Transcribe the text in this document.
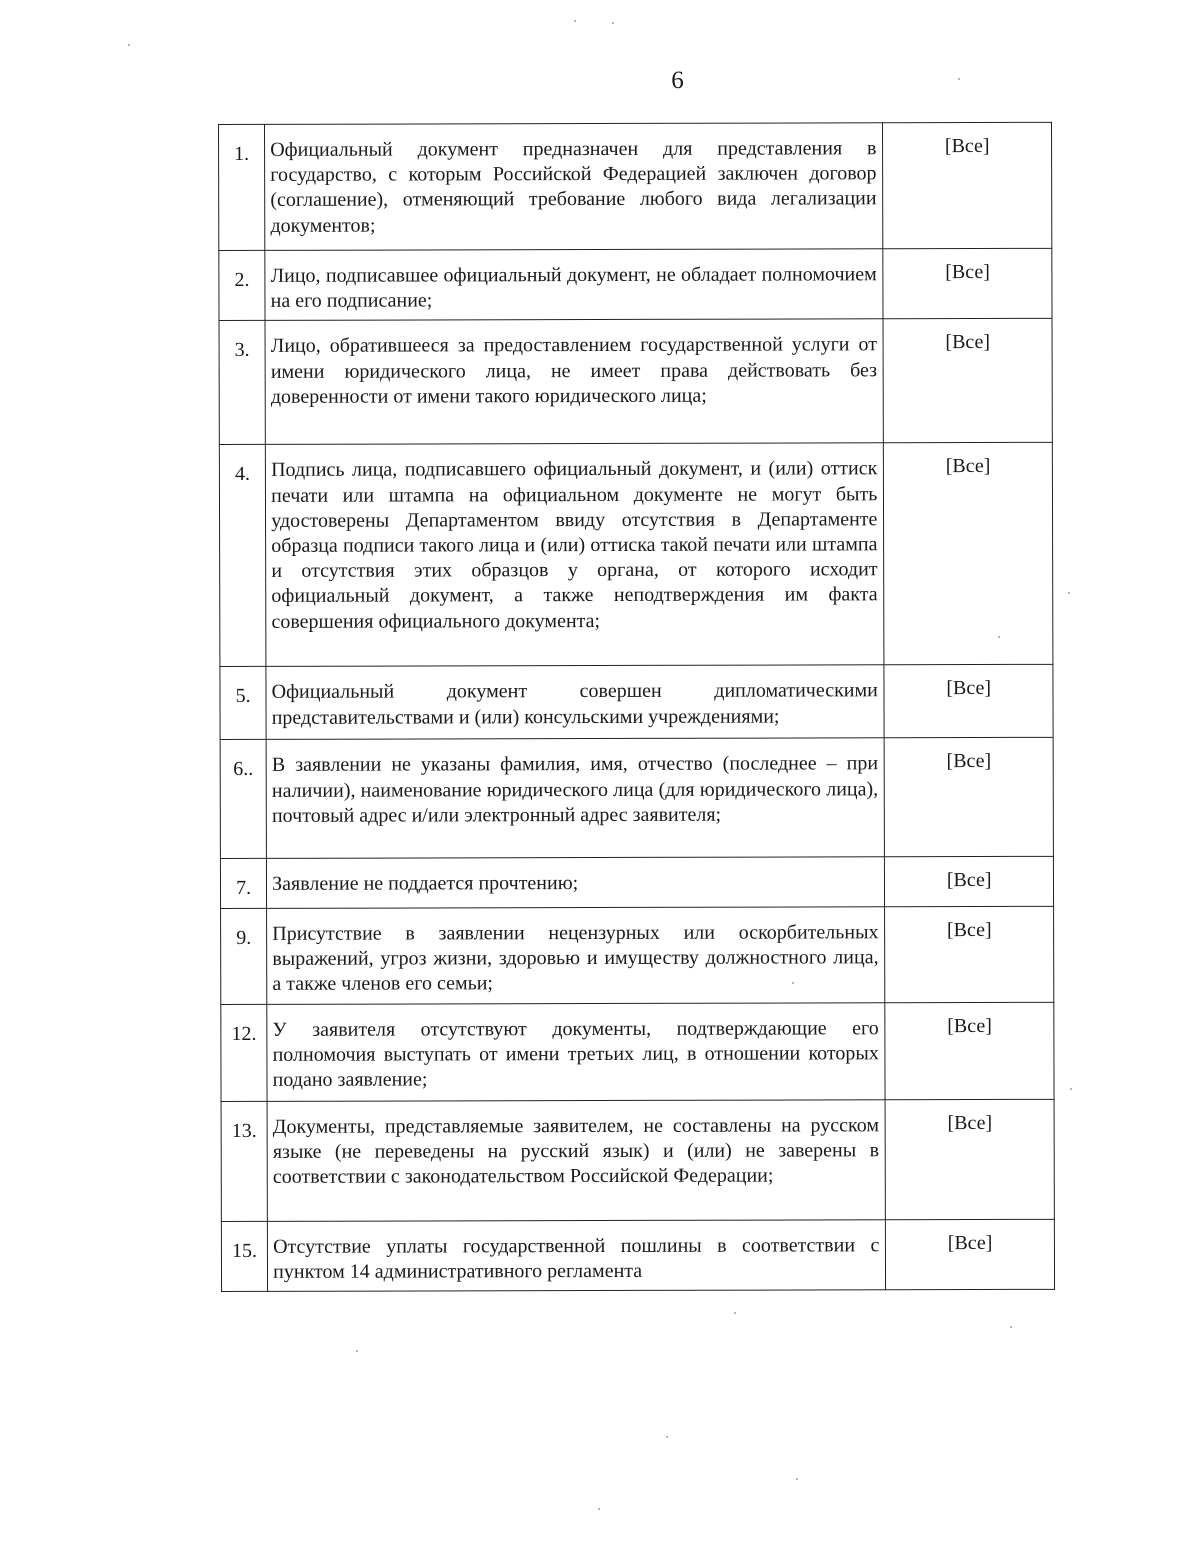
6
1.	Официальный документ предназначен для представления в государство, с которым Российской Федерацией заключен договор (соглашение), отменяющий требование любого вида легализации документов;	[Все]
2.	Лицо, подписавшее официальный документ, не обладает полномочием на его подписание;	[Все]
3.	Лицо, обратившееся за предоставлением государственной услуги от имени юридического лица, не имеет права действовать без доверенности от имени такого юридического лица;	[Все]
4.	Подпись лица, подписавшего официальный документ, и (или) оттиск печати или штампа на официальном документе не могут быть удостоверены Департаментом ввиду отсутствия в Департаменте образца подписи такого лица и (или) оттиска такой печати или штампа и отсутствия этих образцов у органа, от которого исходит официальный документ, а также неподтверждения им факта совершения официального документа;	[Все]
5.	Официальный документ совершен дипломатическими представительствами и (или) консульскими учреждениями;	[Все]
6..	В заявлении не указаны фамилия, имя, отчество (последнее – при наличии), наименование юридического лица (для юридического лица), почтовый адрес и/или электронный адрес заявителя;	[Все]
7.	Заявление не поддается прочтению;	[Все]
9.	Присутствие в заявлении нецензурных или оскорбительных выражений, угроз жизни, здоровью и имуществу должностного лица, а также членов его семьи;	[Все]
12.	У заявителя отсутствуют документы, подтверждающие его полномочия выступать от имени третьих лиц, в отношении которых подано заявление;	[Все]
13.	Документы, представляемые заявителем, не составлены на русском языке (не переведены на русский язык) и (или) не заверены в соответствии с законодательством Российской Федерации;	[Все]
15.	Отсутствие уплаты государственной пошлины в соответствии с пунктом 14 административного регламента	[Все]
